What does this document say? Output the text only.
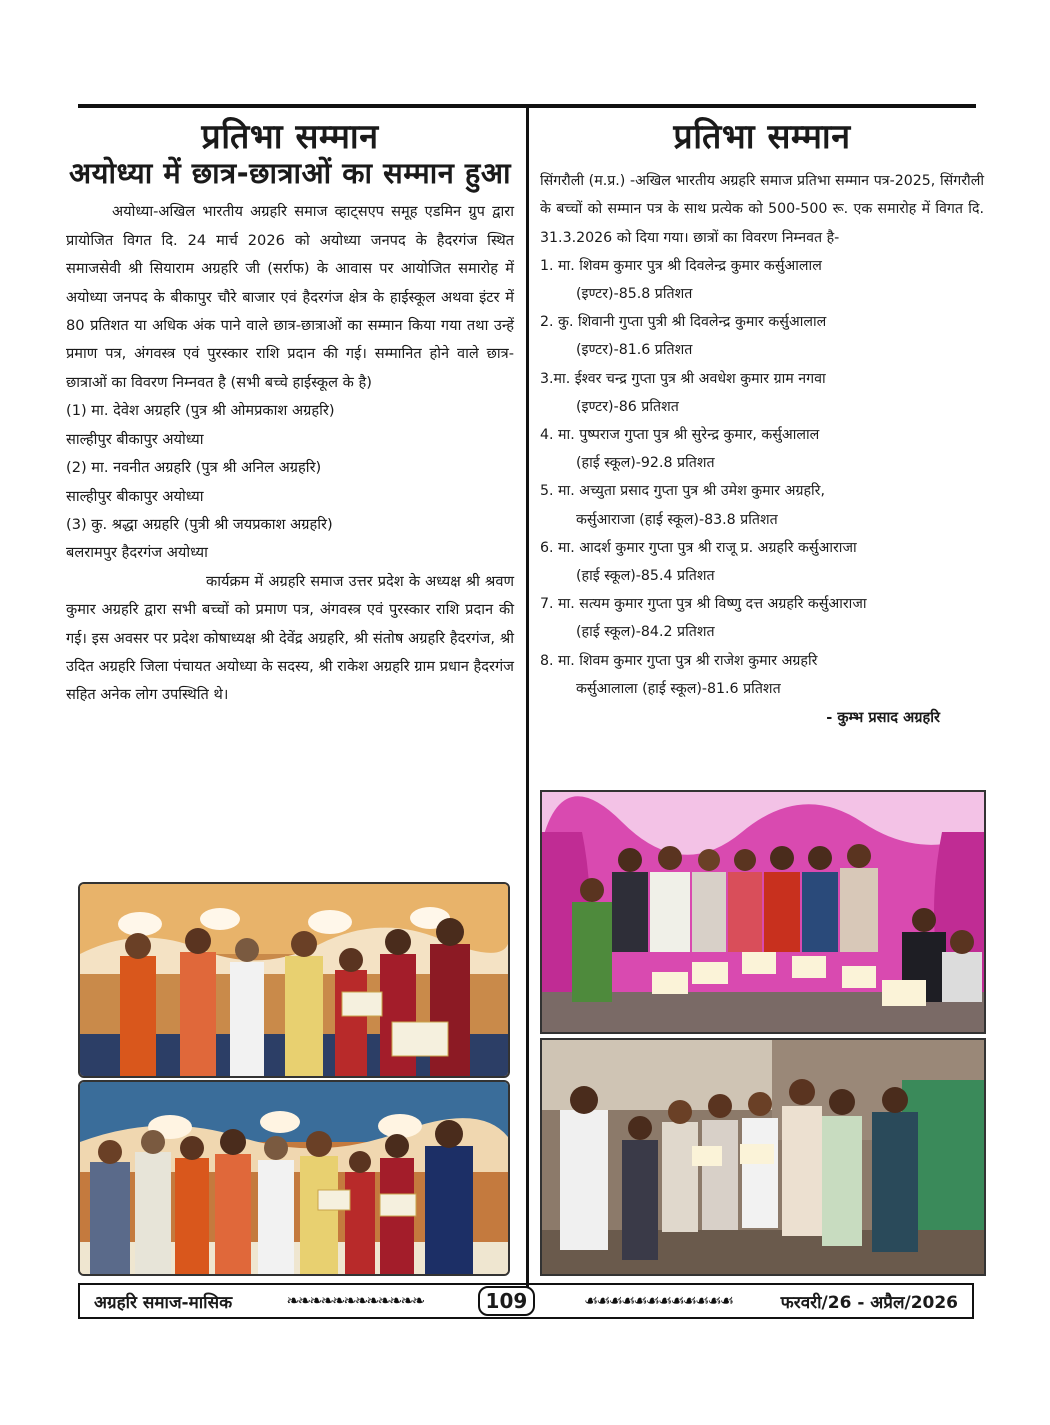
प्रतिभा सम्मान
अयोध्या में छात्र-छात्राओं का सम्मान हुआ

अयोध्या-अखिल भारतीय अग्रहरि समाज व्हाट्सएप समूह एडमिन ग्रुप द्वारा प्रायोजित विगत दि. 24 मार्च 2026 को अयोध्या जनपद के हैदरगंज स्थित समाजसेवी श्री सियाराम अग्रहरि जी (सर्राफ) के आवास पर आयोजित समारोह में अयोध्या जनपद के बीकापुर चौरे बाजार एवं हैदरगंज क्षेत्र के हाईस्कूल अथवा इंटर में 80 प्रतिशत या अधिक अंक पाने वाले छात्र-छात्राओं का सम्मान किया गया तथा उन्हें प्रमाण पत्र, अंगवस्त्र एवं पुरस्कार राशि प्रदान की गई। सम्मानित होने वाले छात्र-छात्राओं का विवरण निम्नवत है (सभी बच्चे हाईस्कूल के है)

(1) मा. देवेश अग्रहरि (पुत्र श्री ओमप्रकाश अग्रहरि)

साल्हीपुर बीकापुर अयोध्या

(2) मा. नवनीत अग्रहरि (पुत्र श्री अनिल अग्रहरि)

साल्हीपुर बीकापुर अयोध्या

(3) कु. श्रद्धा अग्रहरि (पुत्री श्री जयप्रकाश अग्रहरि)

बलरामपुर हैदरगंज अयोध्या

कार्यक्रम में अग्रहरि समाज उत्तर प्रदेश के अध्यक्ष श्री श्रवण कुमार अग्रहरि द्वारा सभी बच्चों को प्रमाण पत्र, अंगवस्त्र एवं पुरस्कार राशि प्रदान की गई। इस अवसर पर प्रदेश कोषाध्यक्ष श्री देवेंद्र अग्रहरि, श्री संतोष अग्रहरि हैदरगंज, श्री उदित अग्रहरि जिला पंचायत अयोध्या के सदस्य, श्री राकेश अग्रहरि ग्राम प्रधान हैदरगंज सहित अनेक लोग उपस्थिति थे।

प्रतिभा सम्मान

सिंगरौली (म.प्र.) -अखिल भारतीय अग्रहरि समाज प्रतिभा सम्मान पत्र-2025, सिंगरौली के बच्चों को सम्मान पत्र के साथ प्रत्येक को 500-500 रू. एक समारोह में विगत दि. 31.3.2026 को दिया गया। छात्रों का विवरण निम्नवत है-

1. मा. शिवम कुमार पुत्र श्री दिवलेन्द्र कुमार कर्सुआलाल
(इण्टर)-85.8 प्रतिशत

2. कु. शिवानी गुप्ता पुत्री श्री दिवलेन्द्र कुमार कर्सुआलाल
(इण्टर)-81.6 प्रतिशत

3.मा. ईश्वर चन्द्र गुप्ता पुत्र श्री अवधेश कुमार ग्राम नगवा
(इण्टर)-86 प्रतिशत

4. मा. पुष्पराज गुप्ता पुत्र श्री सुरेन्द्र कुमार, कर्सुआलाल
(हाई स्कूल)-92.8 प्रतिशत

5. मा. अच्युता प्रसाद गुप्ता पुत्र श्री उमेश कुमार अग्रहरि,
कर्सुआराजा (हाई स्कूल)-83.8 प्रतिशत

6. मा. आदर्श कुमार गुप्ता पुत्र श्री राजू प्र. अग्रहरि कर्सुआराजा
(हाई स्कूल)-85.4 प्रतिशत

7. मा. सत्यम कुमार गुप्ता पुत्र श्री विष्णु दत्त अग्रहरि कर्सुआराजा
(हाई स्कूल)-84.2 प्रतिशत

8. मा. शिवम कुमार गुप्ता पुत्र श्री राजेश कुमार अग्रहरि
कर्सुआलाला (हाई स्कूल)-81.6 प्रतिशत

- कुम्भ प्रसाद अग्रहरि
अग्रहरि समाज-मासिक	❧❧❧❧❧❧❧❧❧❧❧❧	109	☙☙☙☙☙☙☙☙☙☙☙☙	फरवरी/26 - अप्रैल/2026
